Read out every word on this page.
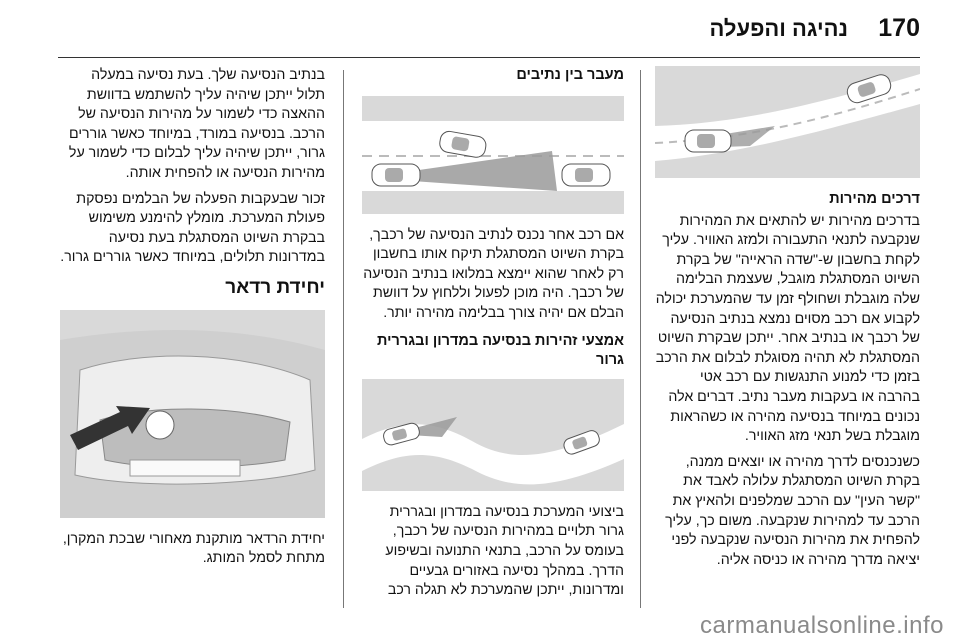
170
נהיגה והפעלה
דרכים מהירות

בדרכים מהירות יש להתאים את המהירות שנקבעה לתנאי התעבורה ולמזג האוויר. עליך לקחת בחשבון ש-"שדה הראייה" של בקרת השיוט המסתגלת מוגבל, שעצמת הבלימה שלה מוגבלת ושחולף זמן עד שהמערכת יכולה לקבוע אם רכב מסוים נמצא בנתיב הנסיעה של רכבך או בנתיב אחר. ייתכן שבקרת השיוט המסתגלת לא תהיה מסוגלת לבלום את הרכב בזמן כדי למנוע התנגשות עם רכב אטי בהרבה או בעקבות מעבר נתיב. דברים אלה נכונים במיוחד בנסיעה מהירה או כשהראות מוגבלת בשל תנאי מזג האוויר.

כשנכנסים לדרך מהירה או יוצאים ממנה, בקרת השיוט המסתגלת עלולה לאבד את "קשר העין" עם הרכב שמלפנים ולהאיץ את הרכב עד למהירות שנקבעה. משום כך, עליך להפחית את מהירות הנסיעה שנקבעה לפני יציאה מדרך מהירה או כניסה אליה.

מעבר בין נתיבים

אם רכב אחר נכנס לנתיב הנסיעה של רכבך, בקרת השיוט המסתגלת תיקח אותו בחשבון רק לאחר שהוא יימצא במלואו בנתיב הנסיעה של רכבך. היה מוכן לפעול וללחוץ על דוושת הבלם אם יהיה צורך בבלימה מהירה יותר.

אמצעי זהירות בנסיעה במדרון ובגררית גרור

ביצועי המערכת בנסיעה במדרון ובגררית גרור תלויים במהירות הנסיעה של רכבך, בעומס על הרכב, בתנאי התנועה ובשיפוע הדרך. במהלך נסיעה באזורים גבעיים ומדרונות, ייתכן שהמערכת לא תגלה רכב

בנתיב הנסיעה שלך. בעת נסיעה במעלה תלול ייתכן שיהיה עליך להשתמש בדוושת ההאצה כדי לשמור על מהירות הנסיעה של הרכב. בנסיעה במורד, במיוחד כאשר גוררים גרור, ייתכן שיהיה עליך לבלום כדי לשמור על מהירות הנסיעה או להפחית אותה.

זכור שבעקבות הפעלה של הבלמים נפסקת פעולת המערכת. מומלץ להימנע משימוש בבקרת השיוט המסתגלת בעת נסיעה במדרונות תלולים, במיוחד כאשר גוררים גרור.

יחידת רדאר

יחידת הרדאר מותקנת מאחורי שבכת המקרן, מתחת לסמל המותג.

carmanualsonline.info
